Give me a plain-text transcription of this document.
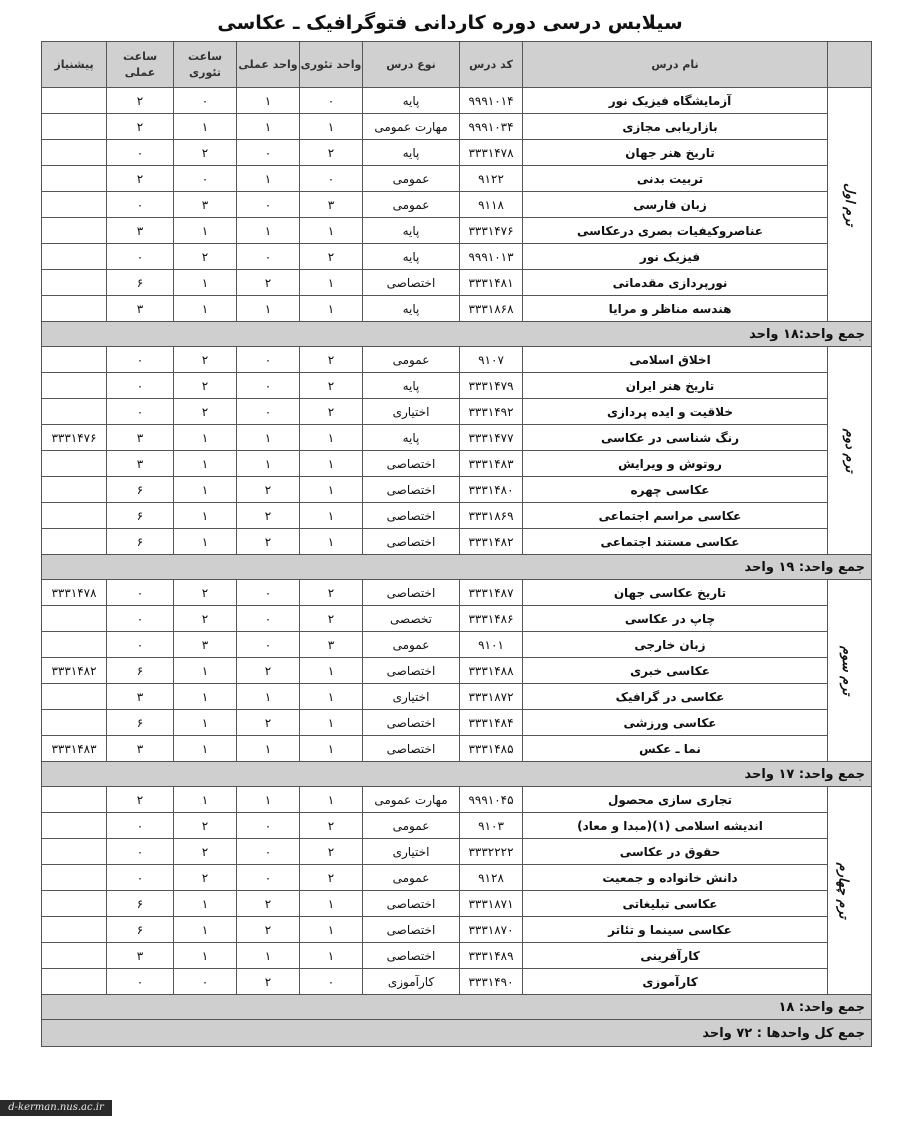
سیلابس درسی دوره کاردانی فتوگرافیک ـ عکاسی
	نام درس	کد درس	نوع درس	واحد تئوری	واحد عملی	ساعت تئوری	ساعت عملی	پیشنیاز
ترم اول	آزمایشگاه فیزیک نور	۹۹۹۱۰۱۴	پایه	۰	۱	۰	۲	
	بازاریابی مجازی	۹۹۹۱۰۳۴	مهارت عمومی	۱	۱	۱	۲	
	تاریخ هنر جهان	۳۳۳۱۴۷۸	پایه	۲	۰	۲	۰	
	تربیت بدنی	۹۱۲۲	عمومی	۰	۱	۰	۲	
	زبان فارسی	۹۱۱۸	عمومی	۳	۰	۳	۰	
	عناصروکیفیات بصری درعکاسی	۳۳۳۱۴۷۶	پایه	۱	۱	۱	۳	
	فیزیک نور	۹۹۹۱۰۱۳	پایه	۲	۰	۲	۰	
	نورپردازی مقدماتی	۳۳۳۱۴۸۱	اختصاصی	۱	۲	۱	۶	
	هندسه مناظر و مرایا	۳۳۳۱۸۶۸	پایه	۱	۱	۱	۳	
جمع واحد:۱۸ واحد								
ترم دوم	اخلاق اسلامی	۹۱۰۷	عمومی	۲	۰	۲	۰	
	تاریخ هنر ایران	۳۳۳۱۴۷۹	پایه	۲	۰	۲	۰	
	خلاقیت و ایده پردازی	۳۳۳۱۴۹۲	اختیاری	۲	۰	۲	۰	
	رنگ شناسی در عکاسی	۳۳۳۱۴۷۷	پایه	۱	۱	۱	۳	۳۳۳۱۴۷۶
	روتوش و ویرایش	۳۳۳۱۴۸۳	اختصاصی	۱	۱	۱	۳	
	عکاسی چهره	۳۳۳۱۴۸۰	اختصاصی	۱	۲	۱	۶	
	عکاسی مراسم اجتماعی	۳۳۳۱۸۶۹	اختصاصی	۱	۲	۱	۶	
	عکاسی مستند اجتماعی	۳۳۳۱۴۸۲	اختصاصی	۱	۲	۱	۶	
جمع واحد: ۱۹ واحد								
ترم سوم	تاریخ عکاسی جهان	۳۳۳۱۴۸۷	اختصاصی	۲	۰	۲	۰	۳۳۳۱۴۷۸
	چاپ در عکاسی	۳۳۳۱۴۸۶	تخصصی	۲	۰	۲	۰	
	زبان خارجی	۹۱۰۱	عمومی	۳	۰	۳	۰	
	عکاسی خبری	۳۳۳۱۴۸۸	اختصاصی	۱	۲	۱	۶	۳۳۳۱۴۸۲
	عکاسی در گرافیک	۳۳۳۱۸۷۲	اختیاری	۱	۱	۱	۳	
	عکاسی ورزشی	۳۳۳۱۴۸۴	اختصاصی	۱	۲	۱	۶	
	نما ـ عکس	۳۳۳۱۴۸۵	اختصاصی	۱	۱	۱	۳	۳۳۳۱۴۸۳
جمع واحد: ۱۷ واحد								
ترم چهارم	تجاری سازی محصول	۹۹۹۱۰۴۵	مهارت عمومی	۱	۱	۱	۲	
	اندیشه اسلامی (۱)(مبدا و معاد)	۹۱۰۳	عمومی	۲	۰	۲	۰	
	حقوق در عکاسی	۳۳۳۲۲۲۲	اختیاری	۲	۰	۲	۰	
	دانش خانواده و جمعیت	۹۱۲۸	عمومی	۲	۰	۲	۰	
	عکاسی تبلیغاتی	۳۳۳۱۸۷۱	اختصاصی	۱	۲	۱	۶	
	عکاسی سینما و تئاتر	۳۳۳۱۸۷۰	اختصاصی	۱	۲	۱	۶	
	کارآفرینی	۳۳۳۱۴۸۹	اختصاصی	۱	۱	۱	۳	
	کارآموزی	۳۳۳۱۴۹۰	کارآموزی	۰	۲	۰	۰	
جمع واحد: ۱۸								
جمع کل واحدها : ۷۲ واحد								
d-kerman.nus.ac.ir
